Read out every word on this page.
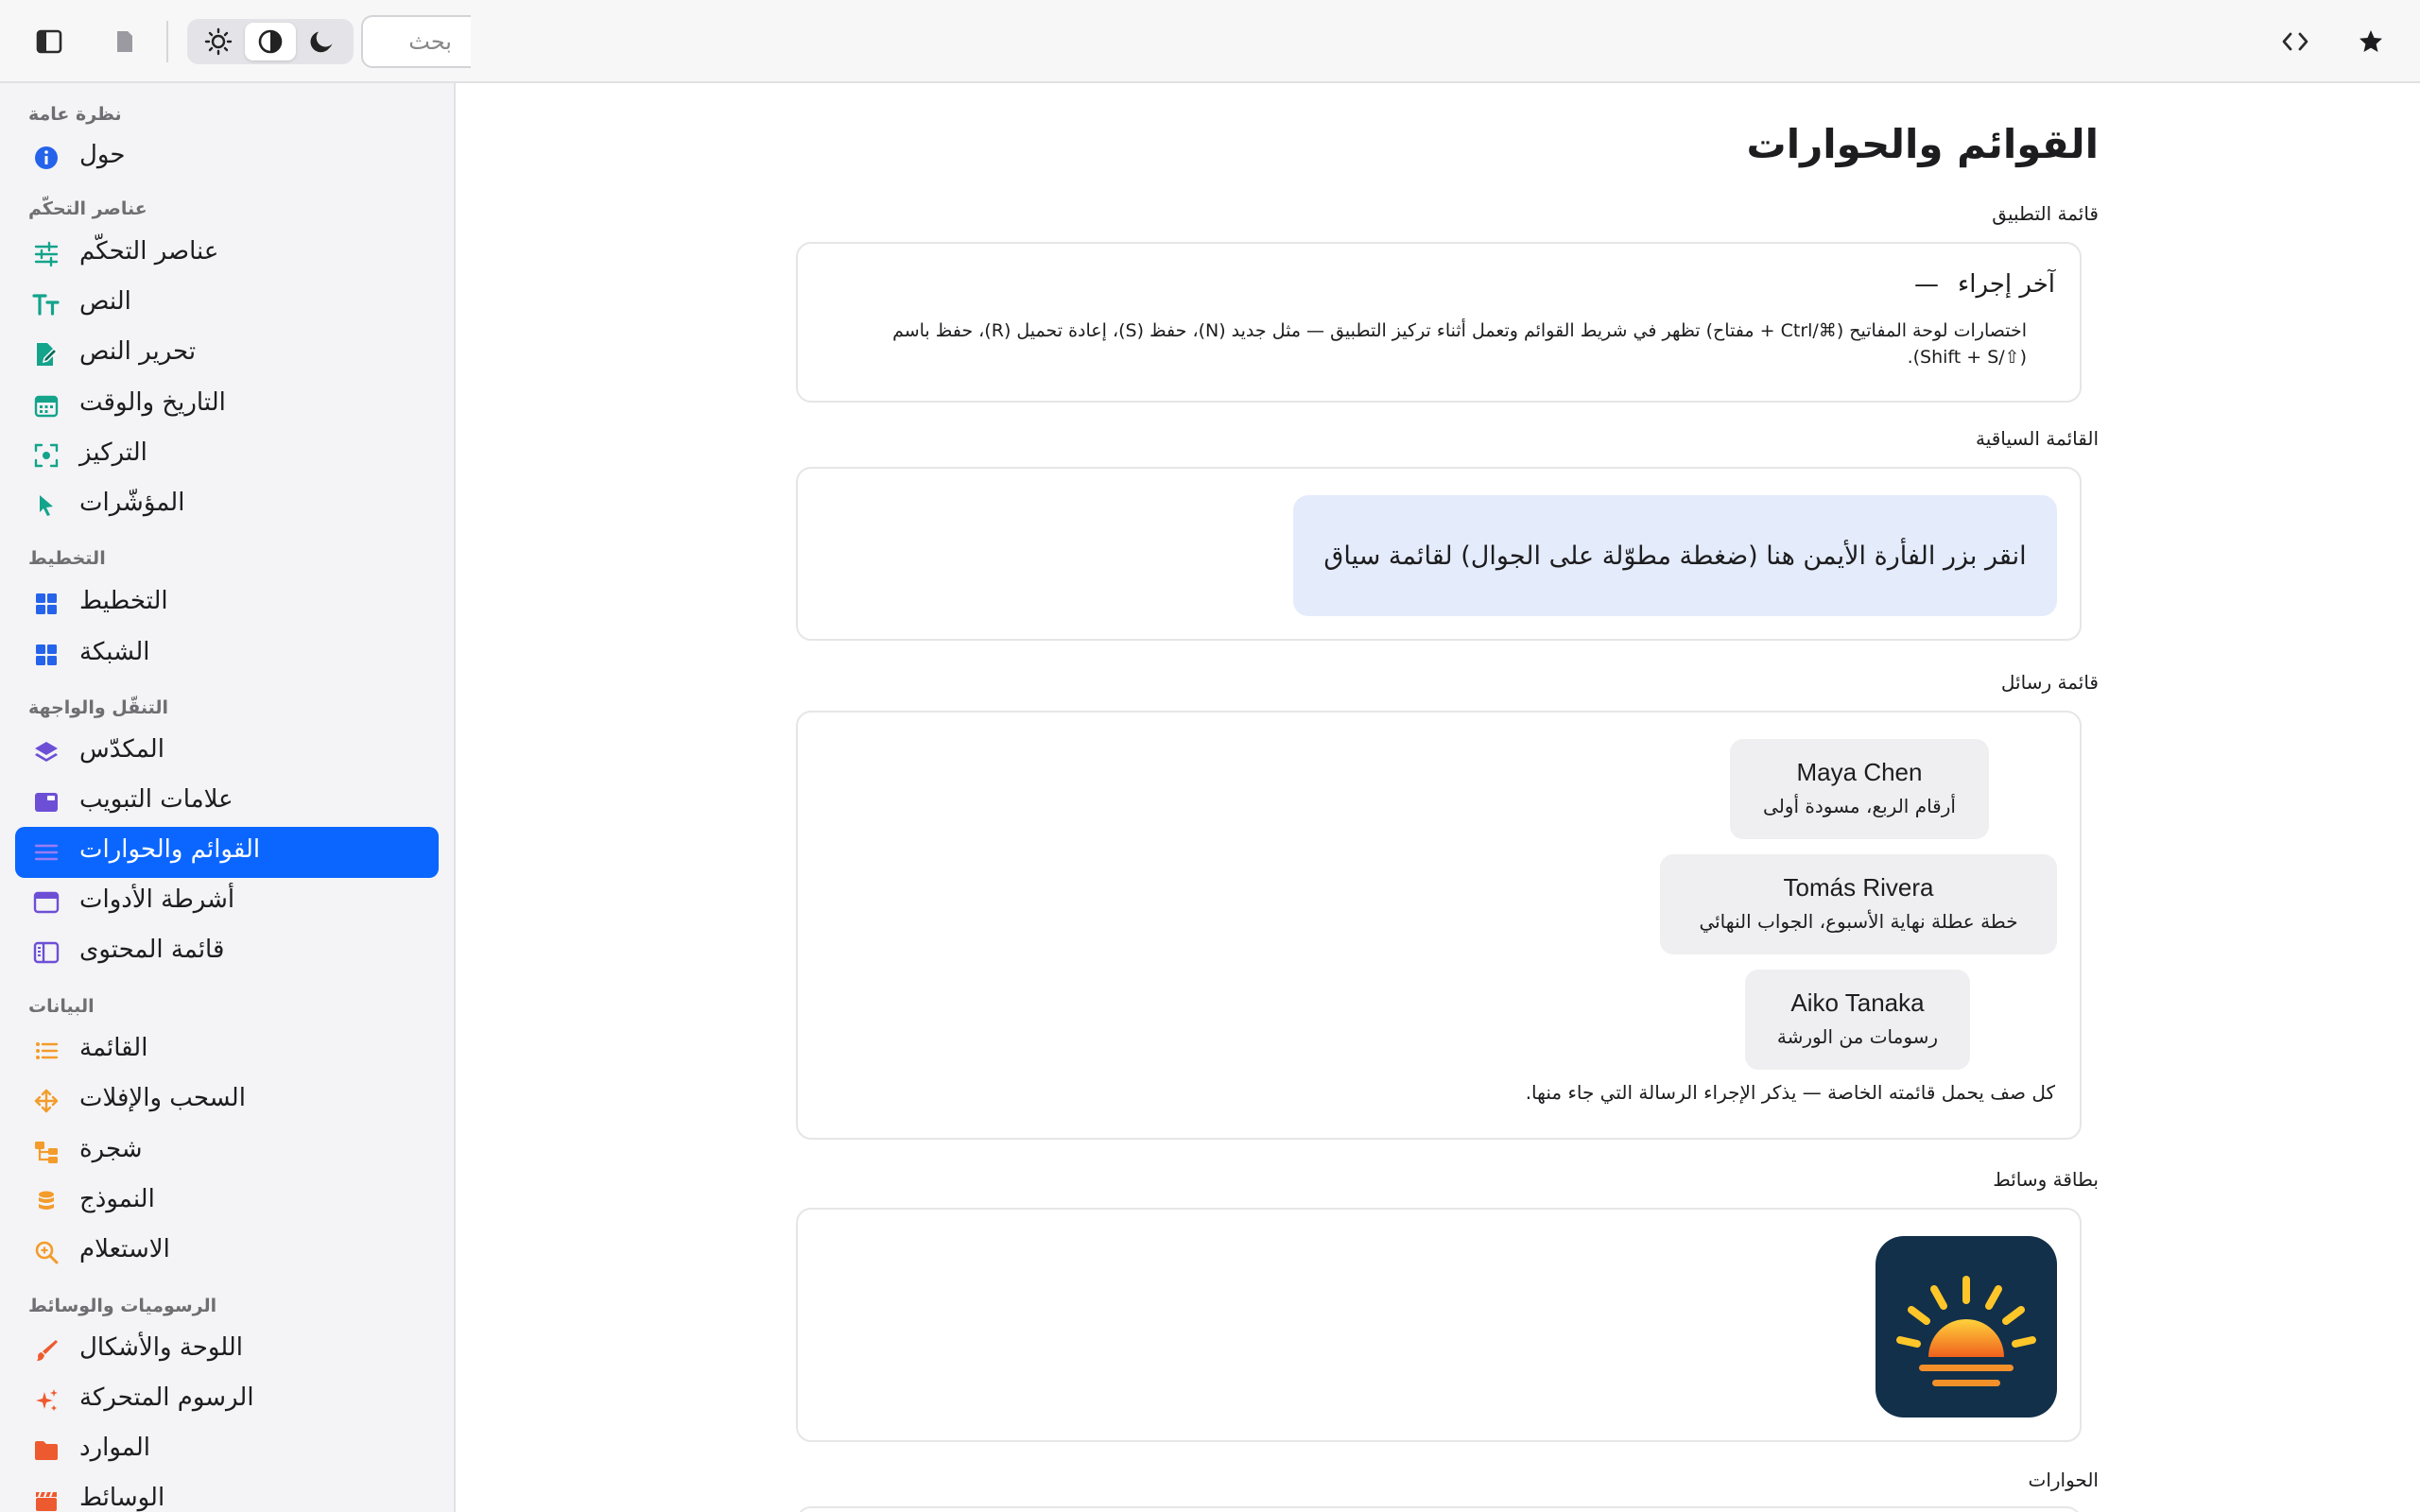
بحث
نظرة عامة
حول
عناصر التحكّم
عناصر التحكّم
النص
تحرير النص
التاريخ والوقت
التركيز
المؤشّرات
التخطيط
التخطيط
الشبكة
التنقّل والواجهة
المكدّس
علامات التبويب
القوائم والحوارات
أشرطة الأدوات
قائمة المحتوى
البيانات
القائمة
السحب والإفلات
شجرة
النموذج
الاستعلام
الرسوميات والوسائط
اللوحة والأشكال
الرسوم المتحركة
الموارد
الوسائط
القوائم والحوارات
قائمة التطبيق
آخر إجراء
—
اختصارات لوحة المفاتيح (⌘/Ctrl + مفتاح) تظهر في شريط القوائم وتعمل أثناء تركيز التطبيق — مثل جديد (N)، حفظ (S)، إعادة تحميل (R)، حفظ باسم (⇧/Shift + S).
القائمة السياقية
انقر بزر الفأرة الأيمن هنا (ضغطة مطوّلة على الجوال) لقائمة سياق
قائمة رسائل
Maya Chen
أرقام الربع، مسودة أولى
Tomás Rivera
خطة عطلة نهاية الأسبوع، الجواب النهائي
Aiko Tanaka
رسومات من الورشة
كل صف يحمل قائمته الخاصة — يذكر الإجراء الرسالة التي جاء منها.
بطاقة وسائط
الحوارات
